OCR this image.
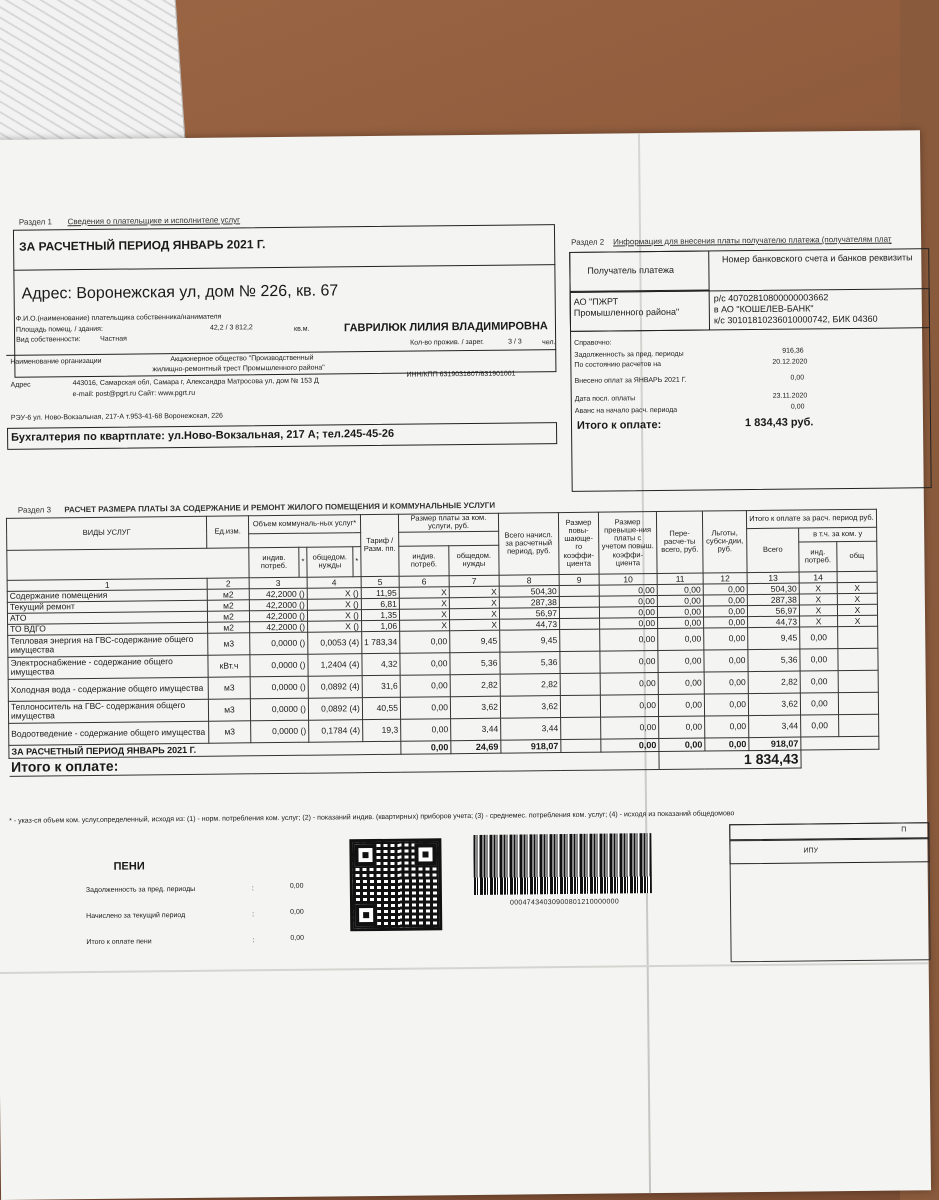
Раздел 1 Сведения о плательщике и исполнителе услуг
ЗА РАСЧЕТНЫЙ ПЕРИОД ЯНВАРЬ 2021 Г.
Адрес: Воронежская ул, дом № 226, кв. 67
Ф.И.О.(наименование) плательщика собственника/нанимателя
Площадь помещ. / здания:	42,2 / 3 812,2	кв.м.	ГАВРИЛЮК ЛИЛИЯ ВЛАДИМИРОВНА
Вид собственности:	Частная	Кол-во прожив. / зарег.	3 / 3	чел.
Наименование организации	Акционерное общество "Производственный
жилищно-ремонтный трест Промышленного района"
ИНН/КПП 6319031607/631901001
Адрес	443016, Самарская обл, Самара г, Александра Матросова ул, дом № 153 Д
e-mail: post@pgrt.ru Сайт: www.pgrt.ru
РЭУ-6 ул. Ново-Вокзальная, 217-А т.953-41-68 Воронежская, 226
Бухгалтерия по квартплате: ул.Ново-Вокзальная, 217 А; тел.245-45-26
Раздел 2 Информация для внесения платы получателю платежа (получателям плат
Получатель платежа
Номер банковского счета и банков реквизиты
АО "ПЖРТ
Промышленного района"
р/с 40702810800000003662
в АО "КОШЕЛЕВ-БАНК"
к/с 30101810236010000742, БИК 04360
Справочно:
Задолженность за пред. периоды	916,36
По состоянию расчетов на	20.12.2020
Внесено оплат за ЯНВАРЬ 2021 Г.	0,00
Дата посл. оплаты	23.11.2020
Аванс на начало расч. периода	0,00
Итого к оплате:	1 834,43 руб.
Раздел 3 РАСЧЕТ РАЗМЕРА ПЛАТЫ ЗА СОДЕРЖАНИЕ И РЕМОНТ ЖИЛОГО ПОМЕЩЕНИЯ И КОММУНАЛЬНЫЕ УСЛУГИ
ВИДЫ УСЛУГ	Ед.изм.	Объем коммуналь-ных услуг*				Тариф / Разм. пп.	Размер платы за ком. услуги, руб.		Всего начисл. за расчетный период, руб.	Размер повы-шающе-го коэффи-циента	Размер превыше-ния платы с учетом повыш. коэффи-циента	Пере-расче-ты всего, руб.	Льготы, субси-дии, руб.	Итого к оплате за расч. период руб.		
														Всего	в т.ч. за ком. у	
		индив. потреб.	*	общедом. нужды	*		индив. потреб.	общедом. нужды							инд. потреб.	общ
1	2	3		4		5	6	7	8	9	10	11	12	13	14	
Содержание помещения	м2	42,2000 ()		X ()		11,95	X	X	504,30		0,00	0,00	0,00	504,30	X	X
Текущий ремонт	м2	42,2000 ()		X ()		6,81	X	X	287,38		0,00	0,00	0,00	287,38	X	X
АТО	м2	42,2000 ()		X ()		1,35	X	X	56,97		0,00	0,00	0,00	56,97	X	X
ТО ВДГО	м2	42,2000 ()		X ()		1,06	X	X	44,73		0,00	0,00	0,00	44,73	X	X
Тепловая энергия на ГВС-содержание общего имущества	м3	0,0000 ()		0,0053 (4)		1 783,34	0,00	9,45	9,45		0,00	0,00	0,00	9,45	0,00	
Электроснабжение - содержание общего имущества	кВт.ч	0,0000 ()		1,2404 (4)		4,32	0,00	5,36	5,36		0,00	0,00	0,00	5,36	0,00	
Холодная вода - содержание общего имущества	м3	0,0000 ()		0,0892 (4)		31,6	0,00	2,82	2,82		0,00	0,00	0,00	2,82	0,00	
Теплоноситель на ГВС- содержания общего имущества	м3	0,0000 ()		0,0892 (4)		40,55	0,00	3,62	3,62		0,00	0,00	0,00	3,62	0,00	
Водоотведение - содержание общего имущества	м3	0,0000 ()		0,1784 (4)		19,3	0,00	3,44	3,44		0,00	0,00	0,00	3,44	0,00	
ЗА РАСЧЕТНЫЙ ПЕРИОД ЯНВАРЬ 2021 Г.							0,00	24,69	918,07		0,00	0,00	0,00	918,07		
Итого к оплате:												1 834,43				
* - указ-ся объем ком. услуг,определенный, исходя из: (1) - норм. потребления ком. услуг; (2) - показаний индив. (квартирных) приборов учета; (3) - среднемес. потребления ком. услуг; (4) - исходя из показаний общедомово
ПЕНИ
Задолженность за пред. периоды	:	0,00
Начислено за текущий период	:	0,00
Итого к оплате пени	:	0,00
00047434030900801210000000
П
ИПУ
